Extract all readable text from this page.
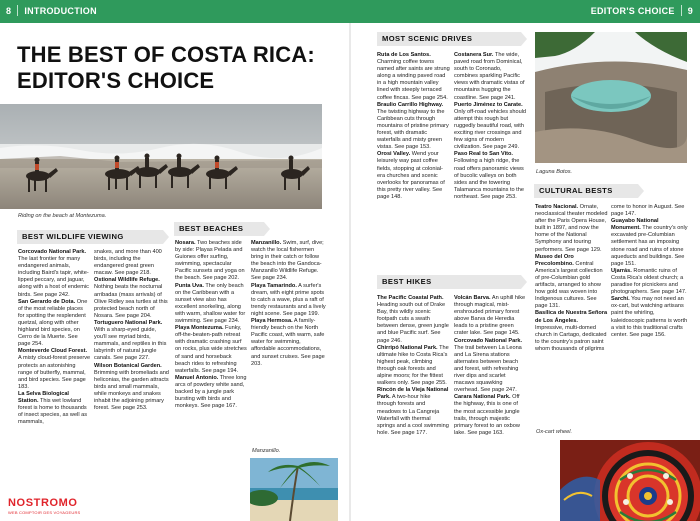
8 INTRODUCTION	EDITOR'S CHOICE 9
THE BEST OF COSTA RICA:
EDITOR'S CHOICE
Riding on the beach at Montezuma.
BEST WILDLIFE VIEWING

Corcovado National Park. The last frontier for many endangered animals, including Baird's tapir, white-lipped peccary, and jaguar, along with a host of endemic birds. See page 242.

San Gerardo de Dota. One of the most reliable places for spotting the resplendent quetzal, along with other highland bird species, on Cerro de la Muerte. See page 254.

Monteverde Cloud Forest. A misty cloud-forest preserve protects an astonishing range of butterfly, mammal, and bird species. See page 183.

La Selva Biological Station. This wet lowland forest is home to thousands of insect species, as well as mammals,

snakes, and more than 400 birds, including the endangered great green macaw. See page 218.

Ostional Wildlife Refuge. Nothing beats the nocturnal arribadas (mass arrivals) of Olive Ridley sea turtles at this protected beach north of Nosara. See page 204.

Tortuguero National Park. With a sharp-eyed guide, you'll see myriad birds, mammals, and reptiles in this labyrinth of natural jungle canals. See page 227.

Wilson Botanical Garden. Brimming with bromeliads and heliconias, the garden attracts birds and small mammals, while monkeys and snakes inhabit the adjoining primary forest. See page 253.

BEST BEACHES

Nosara. Two beaches side by side: Playas Pelada and Guiones offer surfing, swimming, spectacular Pacific sunsets and yoga on the beach. See page 202.

Punta Uva. The only beach on the Caribbean with a sunset view also has excellent snorkeling, along with warm, shallow water for swimming. See page 234.

Playa Montezuma. Funky, off-the-beaten-path retreat with dramatic crashing surf on rocks, plus wide stretches of sand and horseback beach rides to refreshing waterfalls. See page 194.

Manuel Antonio. Three long arcs of powdery white sand, backed by a jungle park bursting with birds and monkeys. See page 167.

Manzanillo. Swim, surf, dive; watch the local fishermen bring in their catch or follow the beach into the Gandoca-Manzanillo Wildlife Refuge. See page 234.

Playa Tamarindo. A surfer's dream, with eight prime spots to catch a wave, plus a raft of trendy restaurants and a lively night scene. See page 199.

Playa Hermosa. A family-friendly beach on the North Pacific coast, with warm, safe water for swimming, affordable accommodations, and sunset cruises. See page 203.

Manzanillo.
MOST SCENIC DRIVES

Ruta de Los Santos. Charming coffee towns named after saints are strung along a winding paved road in a high mountain valley lined with steeply terraced coffee fincas. See page 254.

Braulio Carrillo Highway. The twisting highway to the Caribbean cuts through mountains of pristine primary forest, with dramatic waterfalls and misty green vistas. See page 153.

Orosi Valley. Wend your leisurely way past coffee fields, stopping at colonial-era churches and scenic overlooks for panoramas of this pretty river valley. See page 148.

Costanera Sur. The wide, paved road from Dominical, south to Coronado, combines sparkling Pacific views with dramatic vistas of mountains hugging the coastline. See page 241.

Puerto Jiménez to Carate. Only off-road vehicles should attempt this rough but ruggedly beautiful road, with exciting river crossings and few signs of modern civilization. See page 249.

Paso Real to San Vito. Following a high ridge, the road offers panoramic views of bucolic valleys on both sides and the towering Talamanca mountains to the northeast. See page 253.

BEST HIKES

The Pacific Coastal Path. Heading south out of Drake Bay, this wildly scenic footpath cuts a swath between dense, green jungle and blue Pacific surf. See page 246.

Chirripó National Park. The ultimate hike to Costa Rica's highest peak, climbing through oak forests and alpine moors; for the fittest walkers only. See page 255.

Rincón de la Vieja National Park. A two-hour hike through forests and meadows to La Cangreja Waterfall with thermal springs and a cool swimming hole. See page 177.

Volcán Barva. An uphill hike through magical, mist-enshrouded primary forest above Barva de Heredia leads to a pristine green crater lake. See page 145.

Corcovado National Park. The trail between La Leona and La Sirena stations alternates between beach and forest, with refreshing river dips and scarlet macaws squawking overhead. See page 247.

Carara National Park. Off the highway, this is one of the most accessible jungle trails, through majestic primary forest to an oxbow lake. See page 163.

Laguna Botos.
CULTURAL BESTS

Teatro Nacional. Ornate, neoclassical theater modeled after the Paris Opera House, built in 1897, and now the home of the National Symphony and touring performers. See page 129.

Museo del Oro Precolombino. Central America's largest collection of pre-Columbian gold artifacts, arranged to show how gold was woven into Indigenous cultures. See page 131.

Basílica de Nuestra Señora de Los Ángeles. Impressive, multi-domed church in Cartago, dedicated to the country's patron saint whom thousands of pilgrims

come to honor in August. See page 147.

Guayabo National Monument. The country's only excavated pre-Columbian settlement has an imposing stone road and ruins of stone aqueducts and buildings. See page 151.

Ujarrás. Romantic ruins of Costa Rica's oldest church; a paradise for picnickers and photographers. See page 147.

Sarchí. You may not need an ox-cart, but watching artisans paint the whirling, kaleidoscopic patterns is worth a visit to this traditional crafts center. See page 156.

Ox-cart wheel.
NOSTROMO
WEB COMPTOIR DES VOYAGEURS
